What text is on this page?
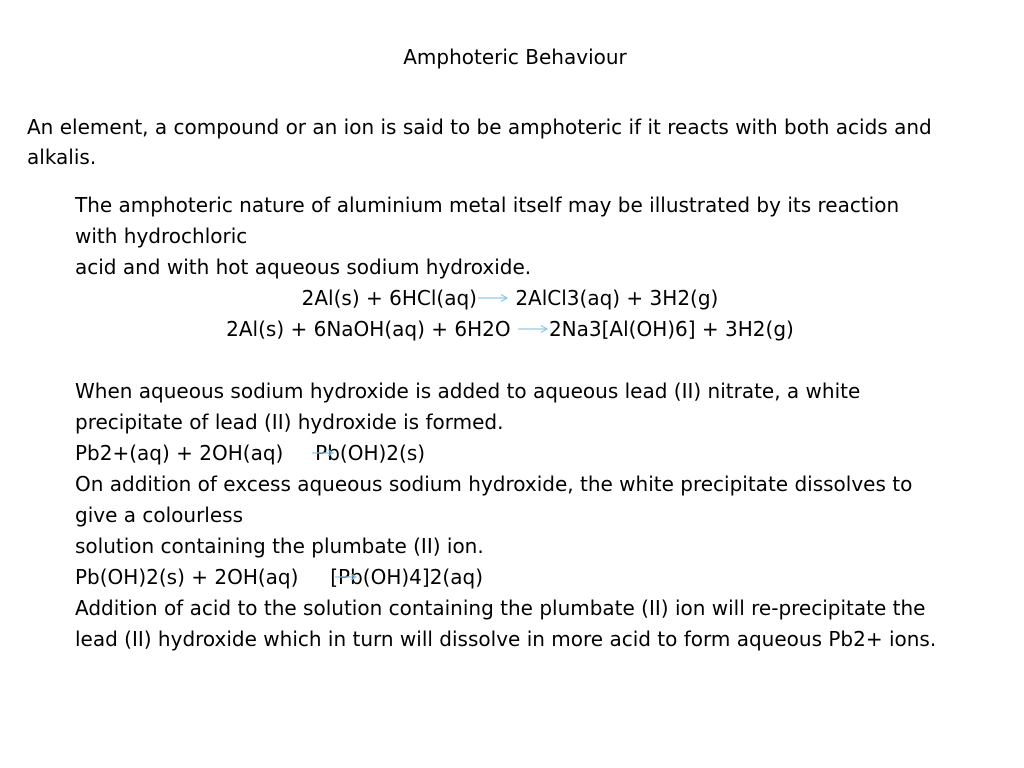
Amphoteric Behaviour
An element, a compound or an ion is said to be amphoteric if it reacts with both acids and alkalis.
The amphoteric nature of aluminium metal itself may be illustrated by its reaction with hydrochloric
acid and with hot aqueous sodium hydroxide.
2Al(s) + 6HCl(aq)→ 2AlCl3(aq) + 3H2(g)
2Al(s) + 6NaOH(aq) + 6H2O →2Na3[Al(OH)6] + 3H2(g)
When aqueous sodium hydroxide is added to aqueous lead (II) nitrate, a white precipitate of lead (II) hydroxide is formed.
Pb2+(aq) + 2OH(aq) Pb
(OH)2(s)
On addition of excess aqueous sodium hydroxide, the white precipitate dissolves to give a colourless
solution containing the plumbate (II) ion.
Pb(OH)2(s) + 2OH(aq) [Pb
(OH)4]2(aq)
Addition of acid to the solution containing the plumbate (II) ion will re-precipitate the lead (II) hydroxide which in turn will dissolve in more acid to form aqueous Pb2+ ions.
